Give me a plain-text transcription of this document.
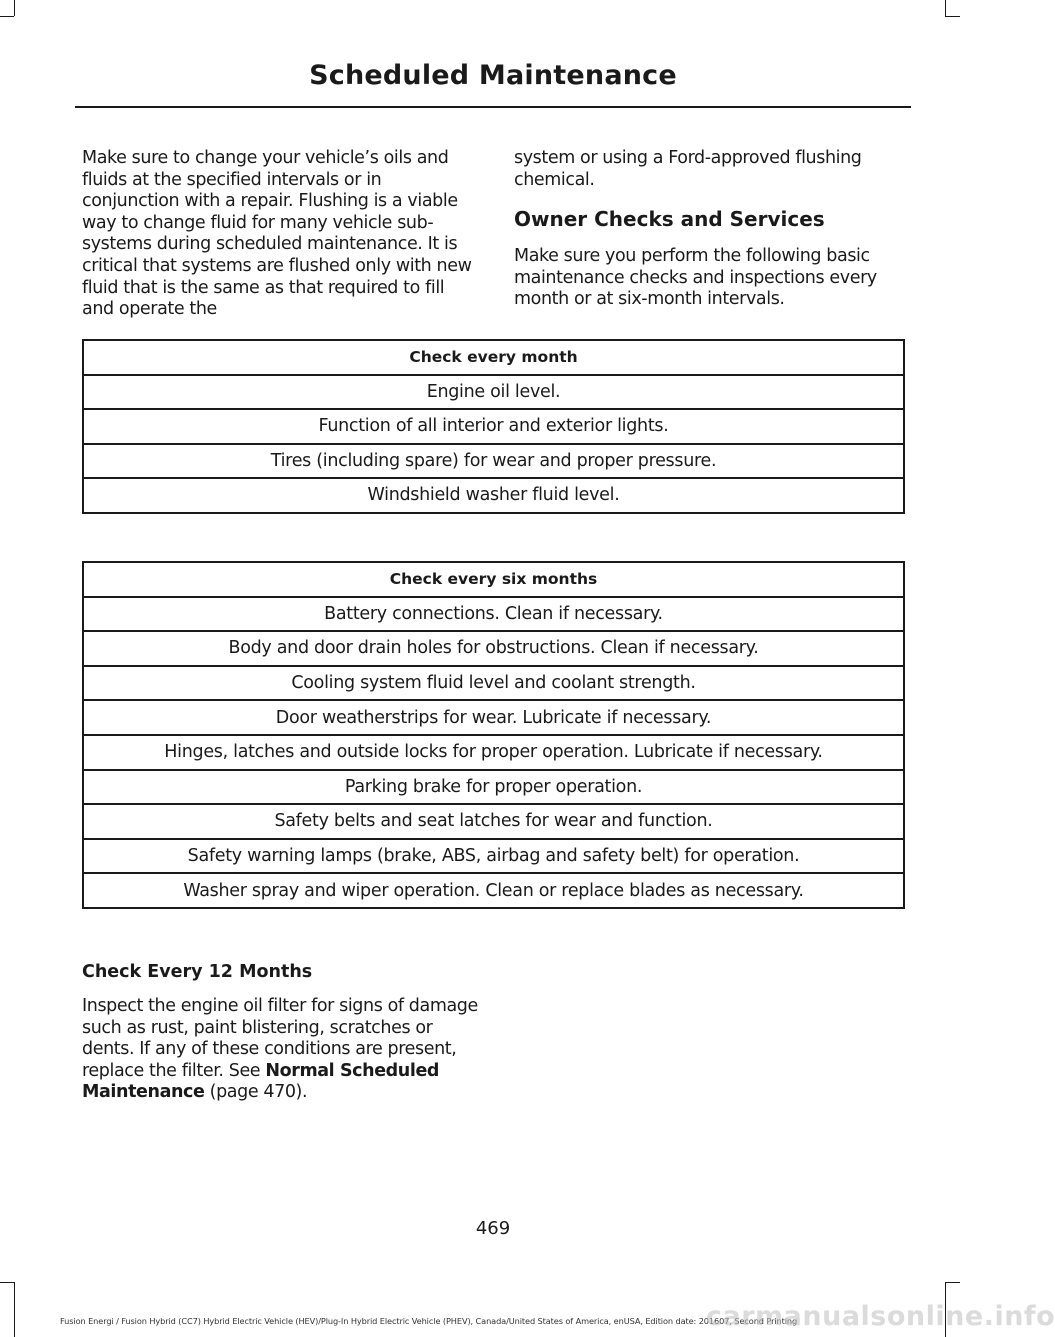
Scheduled Maintenance

Make sure to change your vehicle’s oils and fluids at the specified intervals or in conjunction with a repair. Flushing is a viable way to change fluid for many vehicle sub-systems during scheduled maintenance. It is critical that systems are flushed only with new fluid that is the same as that required to fill and operate the

system or using a Ford-approved flushing chemical.

Owner Checks and Services

Make sure you perform the following basic maintenance checks and inspections every month or at six-month intervals.

Check every month
Engine oil level.
Function of all interior and exterior lights.
Tires (including spare) for wear and proper pressure.
Windshield washer fluid level.
Check every six months
Battery connections. Clean if necessary.
Body and door drain holes for obstructions. Clean if necessary.
Cooling system fluid level and coolant strength.
Door weatherstrips for wear. Lubricate if necessary.
Hinges, latches and outside locks for proper operation. Lubricate if necessary.
Parking brake for proper operation.
Safety belts and seat latches for wear and function.
Safety warning lamps (brake, ABS, airbag and safety belt) for operation.
Washer spray and wiper operation. Clean or replace blades as necessary.
Check Every 12 Months

Inspect the engine oil filter for signs of damage such as rust, paint blistering, scratches or dents. If any of these conditions are present, replace the filter. See Normal Scheduled Maintenance (page 470).

469
Fusion Energi / Fusion Hybrid (CC7) Hybrid Electric Vehicle (HEV)/Plug-In Hybrid Electric Vehicle (PHEV), Canada/United States of America, enUSA, Edition date: 201607, Second Printing
carmanualsonline.info
